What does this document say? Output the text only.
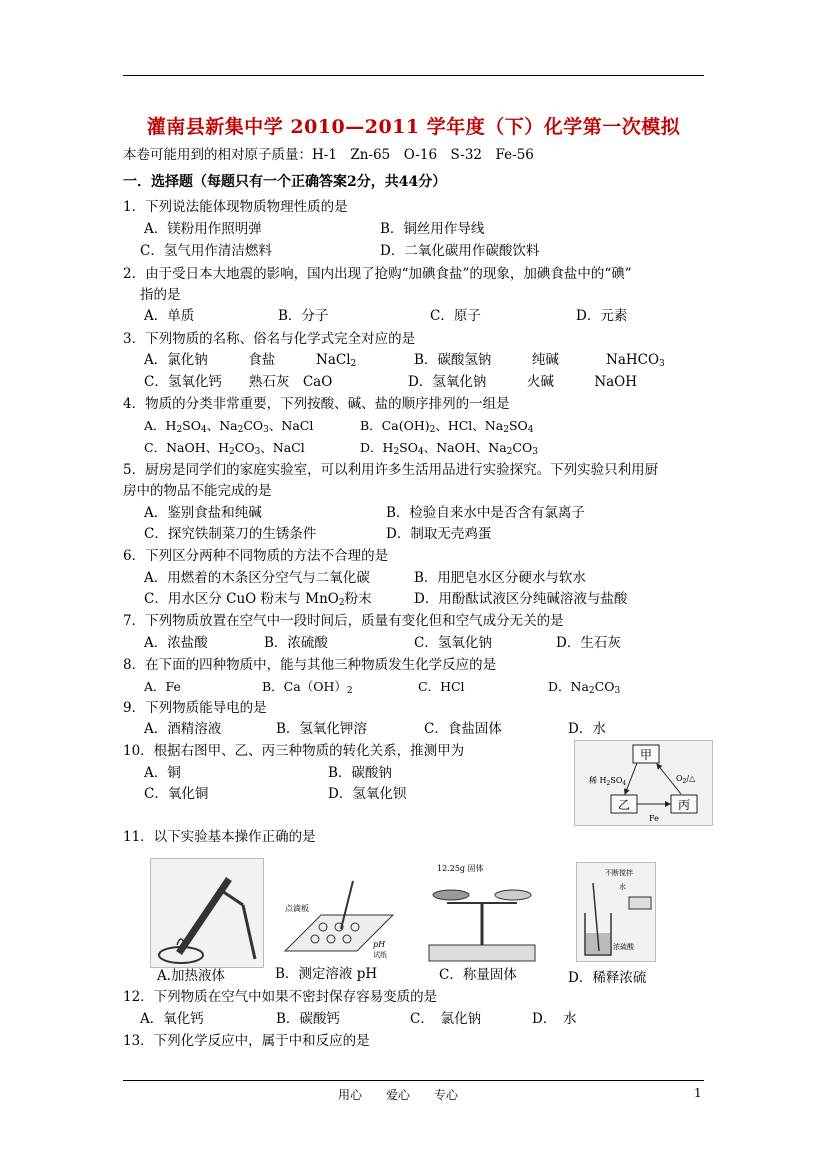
灌南县新集中学 2010—2011 学年度（下）化学第一次模拟
本卷可能用到的相对原子质量：H-1　Zn-65　O-16　S-32　Fe-56
一．选择题（每题只有一个正确答案2分，共44分）
1．下列说法能体现物质物理性质的是
A．镁粉用作照明弹	B．铜丝用作导线
C．氢气用作清洁燃料	D．二氧化碳用作碳酸饮料
2．由于受日本大地震的影响，国内出现了抢购“加碘食盐”的现象，加碘食盐中的“碘”
指的是
A．单质	B．分子	C．原子	D．元素
3．下列物质的名称、俗名与化学式完全对应的是
A．氯化钠　　　食盐	NaCl$_2$	B．碳酸氢钠　　　纯碱	NaHCO$_3$
C．氢氧化钙　　熟石灰　CaO	D．氢氧化钠　　　火碱　　　NaOH
4．物质的分类非常重要，下列按酸、碱、盐的顺序排列的一组是
A．$H_2SO_4$、$Na_2CO_3$、NaCl	B．$Ca(OH)_2$、HCl、$Na_2SO_4$
C．NaOH、$H_2CO_3$、NaCl	D．$H_2SO_4$、NaOH、$Na_2CO_3$
5．厨房是同学们的家庭实验室，可以利用许多生活用品进行实验探究。下列实验只利用厨
房中的物品不能完成的是
A．鉴别食盐和纯碱	B．检验自来水中是否含有氯离子
C．探究铁制菜刀的生锈条件	D．制取无壳鸡蛋
6．下列区分两种不同物质的方法不合理的是
A．用燃着的木条区分空气与二氧化碳	B．用肥皂水区分硬水与软水
C．用水区分 CuO 粉末与 MnO$_2$粉末	D．用酚酞试液区分纯碱溶液与盐酸
7．下列物质放置在空气中一段时间后，质量有变化但和空气成分无关的是
A．浓盐酸	B．浓硫酸	C．氢氧化钠	D．生石灰
8．在下面的四种物质中，能与其他三种物质发生化学反应的是
A．Fe	B．$Ca(OH)_2$	C．HCl	D．$Na_2CO_3$
9．下列物质能导电的是
A．酒精溶液	B．氢氧化钾溶	C．食盐固体	D．水
10．根据右图甲、乙、丙三种物质的转化关系，推测甲为
A．铜	B．碳酸钠
C．氧化铜	D．氢氧化钡
甲
乙	丙
稀 $H_2SO_4$
$O_2/\triangle$
Fe
11．以下实验基本操作正确的是
点滴板
pH
试纸
12.25g 固体	不断搅拌
水
浓硫酸
A.加热液体	B．测定溶液 pH	C．称量固体	D．稀释浓硫
12．下列物质在空气中如果不密封保存容易变质的是
A．氧化钙	B．碳酸钙	C．　氯化钠	D．　水
13．下列化学反应中，属于中和反应的是
用心　　爱心　　专心	1
